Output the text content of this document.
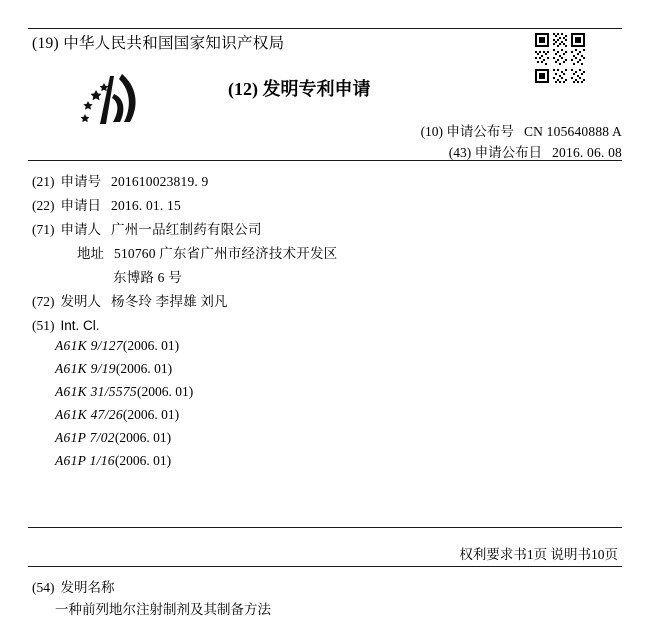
(19) 中华人民共和国国家知识产权局
(12) 发明专利申请
(10) 申请公布号 CN 105640888 A
(43) 申请公布日 2016. 06. 08
(21) 申请号 201610023819. 9
(22) 申请日 2016. 01. 15
(71) 申请人 广州一品红制药有限公司
地址 510760 广东省广州市经济技术开发区
东博路 6 号
(72) 发明人 杨冬玲 李捍雄 刘凡
(51) Int. Cl.
A61K 9/127(2006. 01)
A61K 9/19(2006. 01)
A61K 31/5575(2006. 01)
A61K 47/26(2006. 01)
A61P 7/02(2006. 01)
A61P 1/16(2006. 01)
权利要求书1页 说明书10页
(54) 发明名称
一种前列地尔注射制剂及其制备方法
